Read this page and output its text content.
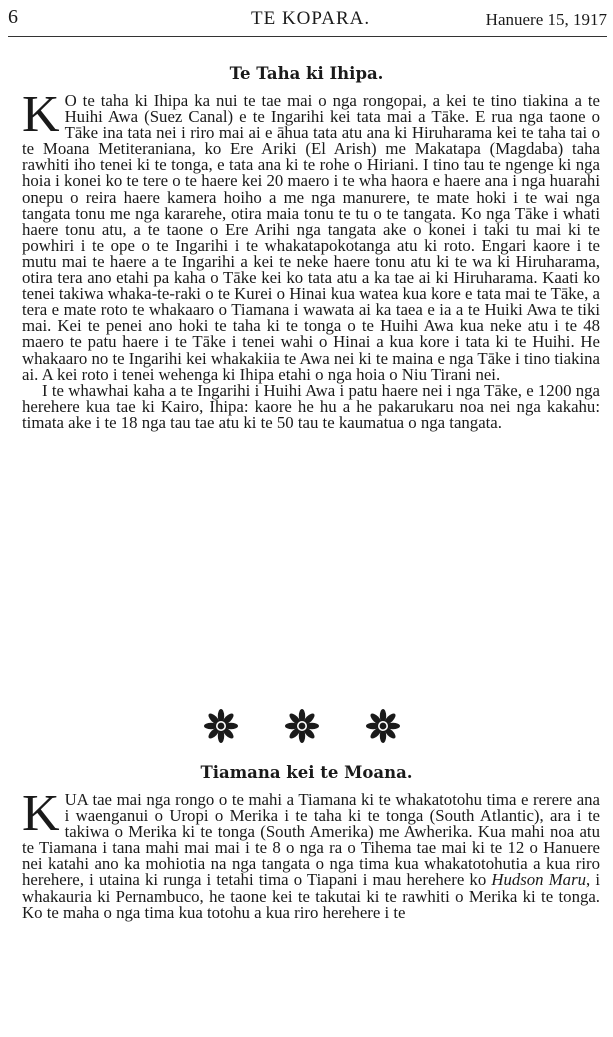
6	TE KOPARA.	Hanuere 15, 1917
Te Taha ki Ihipa.

K O te taha ki Ihipa ka nui te tae mai o nga rongopai, a kei te tino tiakina a te Huihi Awa (Suez Canal) e te Ingarihi kei tata mai a Tāke. E rua nga taone o Tāke ina tata nei i riro mai ai e āhua tata atu ana ki Hiruharama kei te taha tai o te Moana Metiteraniana, ko Ere Ariki (El Arish) me Makatapa (Magdaba) taha rawhiti iho tenei ki te tonga, e tata ana ki te rohe o Hiriani. I tino tau te ngenge ki nga hoia i konei ko te tere o te haere kei 20 maero i te wha haora e haere ana i nga huarahi onepu o reira haere kamera hoiho a me nga manurere, te mate hoki i te wai nga tangata tonu me nga kararehe, otira maia tonu te tu o te tangata. Ko nga Tāke i whati haere tonu atu, a te taone o Ere Arihi nga tangata ake o konei i taki tu mai ki te powhiri i te ope o te Ingarihi i te whakatapokotanga atu ki roto. Engari kaore i te mutu mai te haere a te Ingarihi a kei te neke haere tonu atu ki te wa ki Hiruharama, otira tera ano etahi pa kaha o Tāke kei ko tata atu a ka tae ai ki Hiruharama. Kaati ko tenei takiwa whaka-te-raki o te Kurei o Hinai kua watea kua kore e tata mai te Tāke, a tera e mate roto te whakaaro o Tiamana i wawata ai ka taea e ia a te Huiki Awa te tiki mai. Kei te penei ano hoki te taha ki te tonga o te Huihi Awa kua neke atu i te 48 maero te patu haere i te Tāke i tenei wahi o Hinai a kua kore i tata ki te Huihi. He whakaaro no te Ingarihi kei whakakiia te Awa nei ki te maina e nga Tāke i tino tiakina ai. A kei roto i tenei wehenga ki Ihipa etahi o nga hoia o Niu Tirani nei.

I te whawhai kaha a te Ingarihi i Huihi Awa i patu haere nei i nga Tāke, e 1200 nga herehere kua tae ki Kairo, Ihipa: kaore he hu a he pakarukaru noa nei nga kakahu: timata ake i te 18 nga tau tae atu ki te 50 tau te kaumatua o nga tangata.

Tiamana kei te Moana.

KUA tae mai nga rongo o te mahi a Tiamana ki te whakatotohu tima e rerere ana i waenganui o Uropi o Merika i te taha ki te tonga (South Atlantic), ara i te takiwa o Merika ki te tonga (South Amerika) me Awherika. Kua mahi noa atu te Tiamana i tana mahi mai mai i te 8 o nga ra o Tihema tae mai ki te 12 o Hanuere nei katahi ano ka mohiotia na nga tangata o nga tima kua whakatotohutia a kua riro herehere, i utaina ki runga i tetahi tima o Tiapani i mau herehere ko Hudson Maru, i whakauria ki Pernambuco, he taone kei te takutai ki te rawhiti o Merika ki te tonga. Ko te maha o nga tima kua totohu a kua riro herehere i te
